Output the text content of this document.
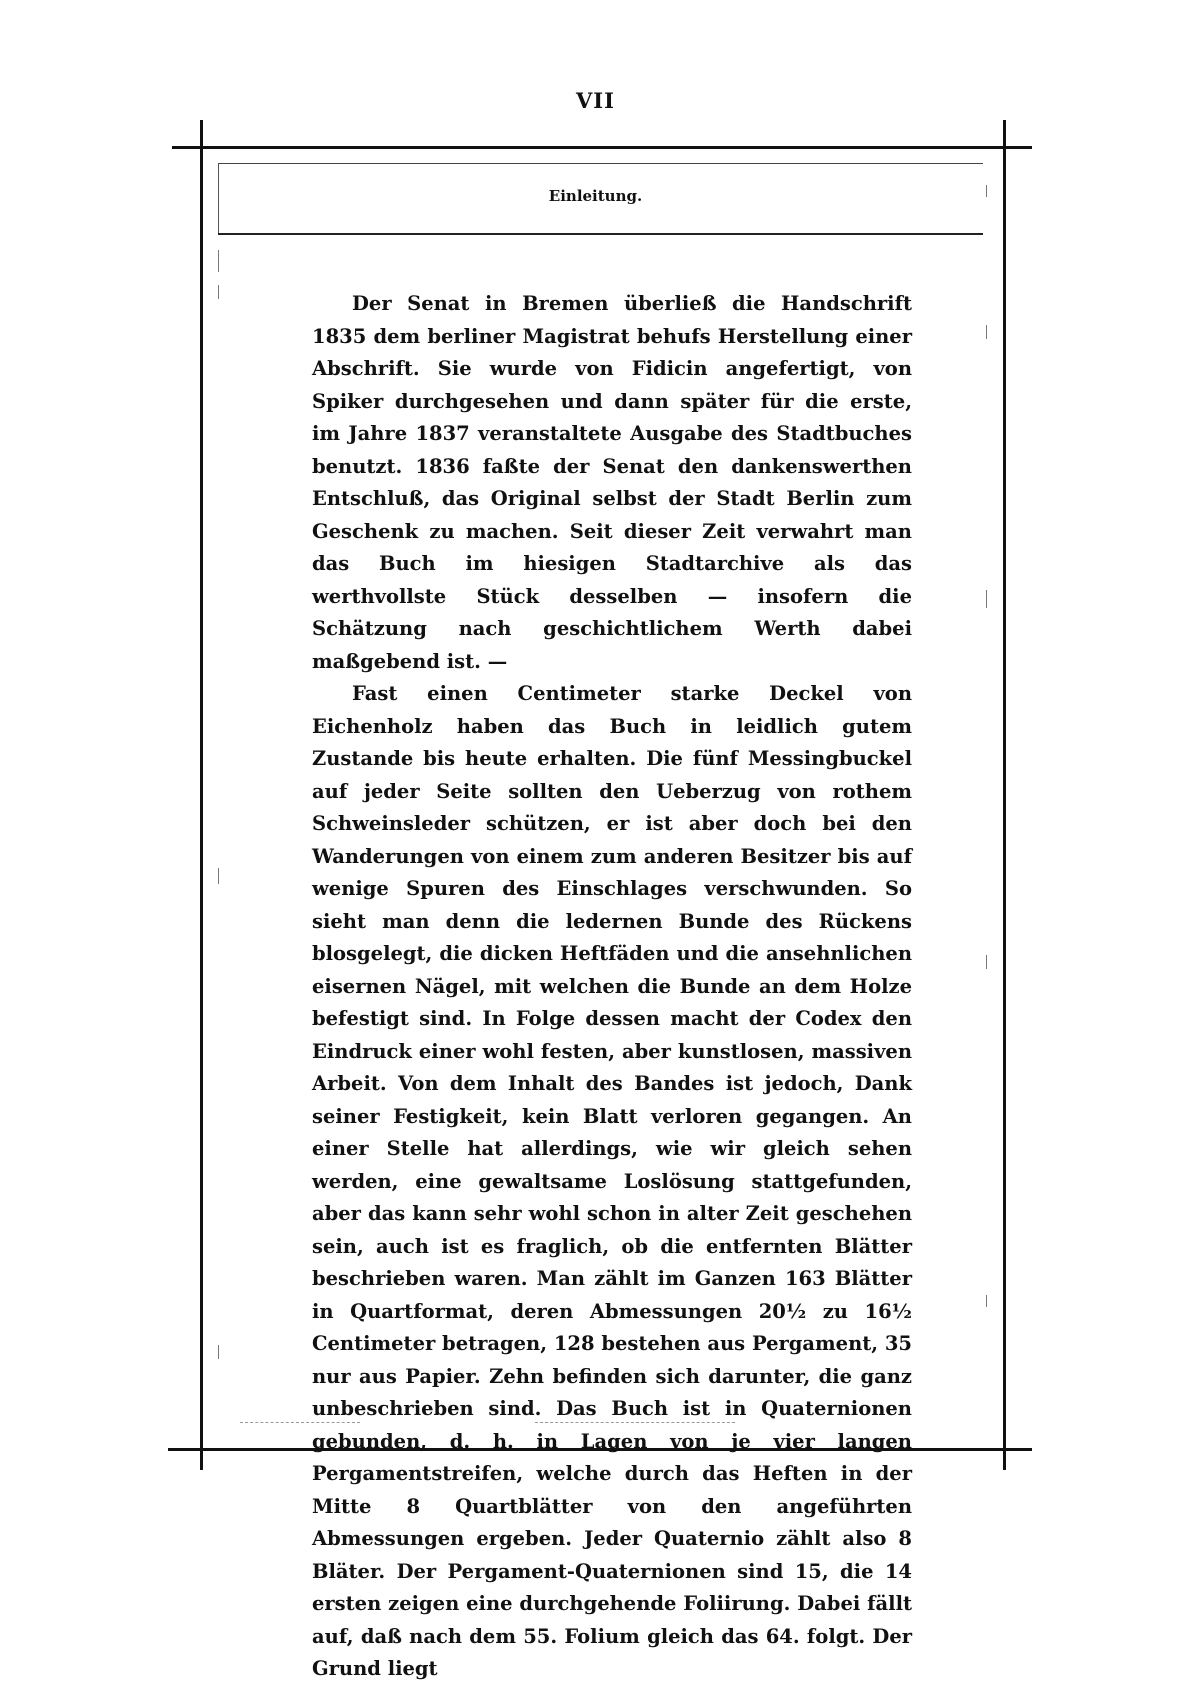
VII
Einleitung.

Der Senat in Bremen überließ die Handschrift 1835 dem berliner Magistrat behufs Herstellung einer Abschrift. Sie wurde von Fidicin angefertigt, von Spiker durchgesehen und dann später für die erste, im Jahre 1837 veranstaltete Ausgabe des Stadtbuches benutzt. 1836 faßte der Senat den dankenswerthen Entschluß, das Original selbst der Stadt Berlin zum Geschenk zu machen. Seit dieser Zeit verwahrt man das Buch im hiesigen Stadtarchive als das werthvollste Stück desselben — insofern die Schätzung nach geschichtlichem Werth dabei maßgebend ist. —

Fast einen Centimeter starke Deckel von Eichenholz haben das Buch in leidlich gutem Zustande bis heute erhalten. Die fünf Messingbuckel auf jeder Seite sollten den Ueberzug von rothem Schweinsleder schützen, er ist aber doch bei den Wanderungen von einem zum anderen Besitzer bis auf wenige Spuren des Einschlages verschwunden. So sieht man denn die ledernen Bunde des Rückens blosgelegt, die dicken Heftfäden und die ansehnlichen eisernen Nägel, mit welchen die Bunde an dem Holze befestigt sind. In Folge dessen macht der Codex den Eindruck einer wohl festen, aber kunstlosen, massiven Arbeit. Von dem Inhalt des Bandes ist jedoch, Dank seiner Festigkeit, kein Blatt verloren gegangen. An einer Stelle hat allerdings, wie wir gleich sehen werden, eine gewaltsame Loslösung stattgefunden, aber das kann sehr wohl schon in alter Zeit geschehen sein, auch ist es fraglich, ob die entfernten Blätter beschrieben waren. Man zählt im Ganzen 163 Blätter in Quartformat, deren Abmessungen 20½ zu 16½ Centimeter betragen, 128 bestehen aus Pergament, 35 nur aus Papier. Zehn befinden sich darunter, die ganz unbeschrieben sind. Das Buch ist in Quaternionen gebunden, d. h. in Lagen von je vier langen Pergamentstreifen, welche durch das Heften in der Mitte 8 Quartblätter von den angeführten Abmessungen ergeben. Jeder Quaternio zählt also 8 Bläter. Der Pergament-Quaternionen sind 15, die 14 ersten zeigen eine durchgehende Foliirung. Dabei fällt auf, daß nach dem 55. Folium gleich das 64. folgt. Der Grund liegt
